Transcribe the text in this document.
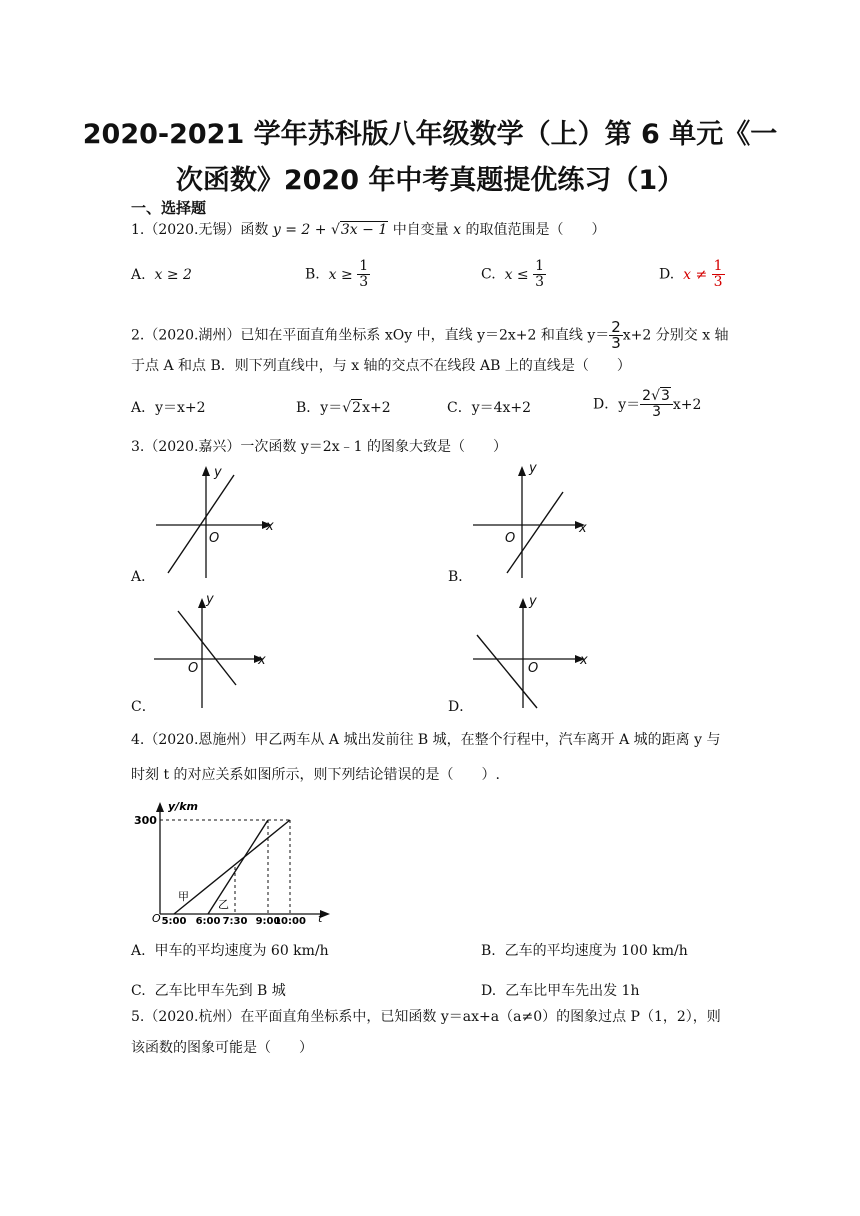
2020-2021 学年苏科版八年级数学（上）第 6 单元《一
次函数》2020 年中考真题提优练习（1）
一、选择题
1.（2020.无锡）函数 y = 2 + √3x − 1 中自变量 x 的取值范围是（　　）
A. x ≥ 2	B. $x \ge \frac{1}{3}$	C. $x \le \frac{1}{3}$	D. $x \ne \frac{1}{3}$
2.（2020.湖州）已知在平面直角坐标系 xOy 中，直线 y＝2x+2 和直线 $y= \frac{2}{3} x+2$ 分别交 x 轴
于点 A 和点 B．则下列直线中，与 x 轴的交点不在线段 AB 上的直线是（　　）
A．y＝x+2	B．y＝√2x+2	C．y＝4x+2	D．$y= \frac{2√3}{3} x+2$
3.（2020.嘉兴）一次函数 y＝2x﹣1 的图象大致是（　　）
y
x
O
A．
y
x
O
B．
y
x
O
C．
y
x
O
D．
4.（2020.恩施州）甲乙两车从 A 城出发前往 B 城，在整个行程中，汽车离开 A 城的距离 y 与
时刻 t 的对应关系如图所示，则下列结论错误的是（　　）.
y/km
t
O
300
5:00 6:00 7:30 9:00
10:00
甲
乙
A. 甲车的平均速度为 60 km/h	B. 乙车的平均速度为 100 km/h
C. 乙车比甲车先到 B 城	D. 乙车比甲车先出发 1h
5.（2020.杭州）在平面直角坐标系中，已知函数 y＝ax+a（a≠0）的图象过点 P（1，2），则
该函数的图象可能是（　　）
